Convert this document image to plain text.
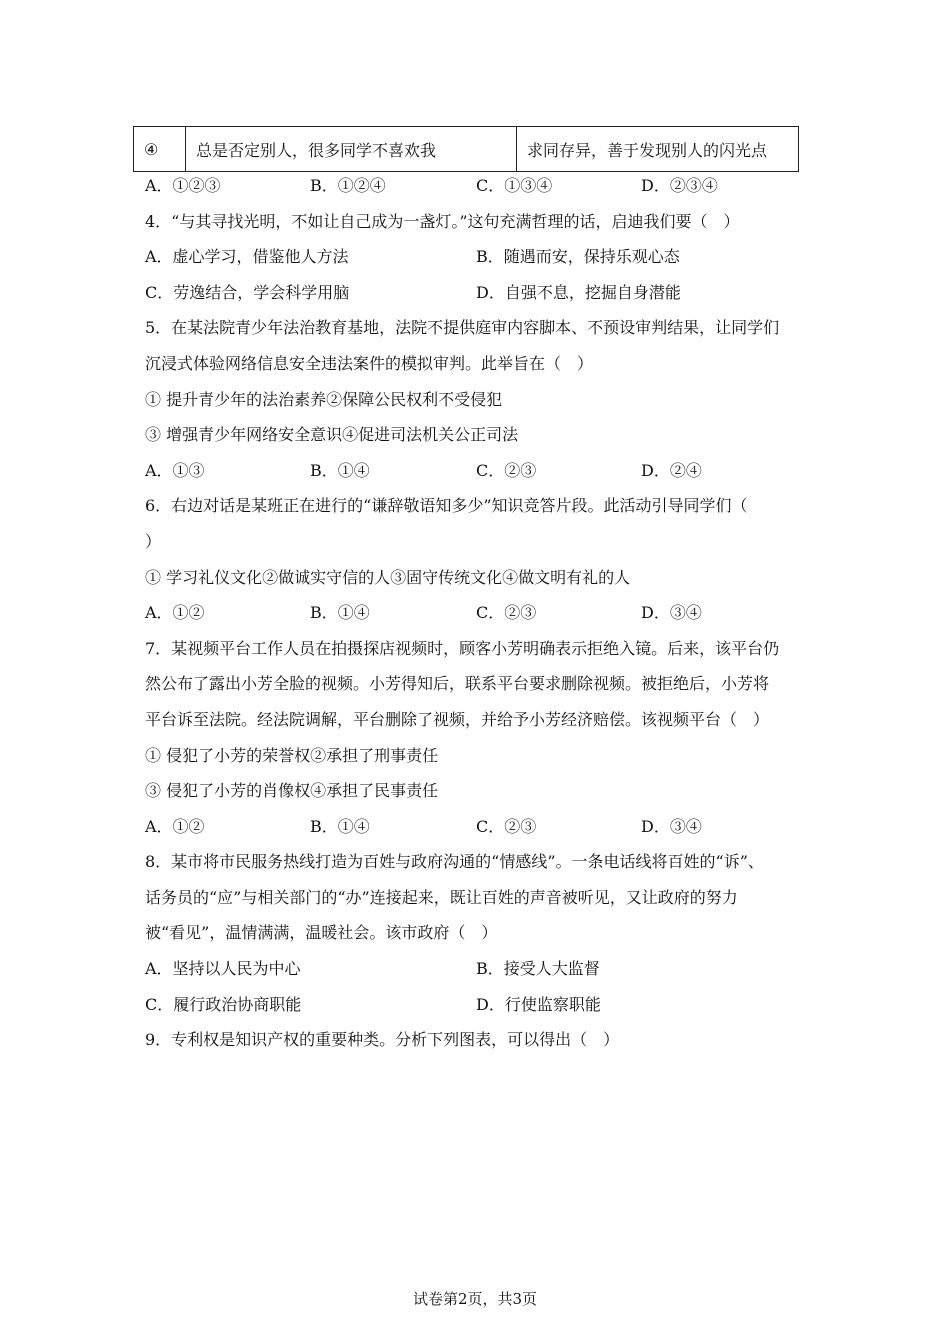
④	总是否定别人，很多同学不喜欢我	求同存异，善于发现别人的闪光点
A．①②③	B．①②④	C．①③④	D．②③④
4．“与其寻找光明，不如让自己成为一盏灯。”这句充满哲理的话，启迪我们要（　）
A．虚心学习，借鉴他人方法	B．随遇而安，保持乐观心态
C．劳逸结合，学会科学用脑	D．自强不息，挖掘自身潜能
5．在某法院青少年法治教育基地，法院不提供庭审内容脚本、不预设审判结果，让同学们
沉浸式体验网络信息安全违法案件的模拟审判。此举旨在（　）
① 提升青少年的法治素养②保障公民权利不受侵犯
③ 增强青少年网络安全意识④促进司法机关公正司法
A．①③	B．①④	C．②③	D．②④
6．右边对话是某班正在进行的“谦辞敬语知多少”知识竞答片段。此活动引导同学们（
）
① 学习礼仪文化②做诚实守信的人③固守传统文化④做文明有礼的人
A．①②	B．①④	C．②③	D．③④
7．某视频平台工作人员在拍摄探店视频时，顾客小芳明确表示拒绝入镜。后来，该平台仍
然公布了露出小芳全脸的视频。小芳得知后，联系平台要求删除视频。被拒绝后，小芳将
平台诉至法院。经法院调解，平台删除了视频，并给予小芳经济赔偿。该视频平台（　）
① 侵犯了小芳的荣誉权②承担了刑事责任
③ 侵犯了小芳的肖像权④承担了民事责任
A．①②	B．①④	C．②③	D．③④
8．某市将市民服务热线打造为百姓与政府沟通的“情感线”。一条电话线将百姓的“诉”、
话务员的“应”与相关部门的“办”连接起来，既让百姓的声音被听见，又让政府的努力
被“看见”，温情满满，温暖社会。该市政府（　）
A．坚持以人民为中心	B．接受人大监督
C．履行政治协商职能	D．行使监察职能
9．专利权是知识产权的重要种类。分析下列图表，可以得出（　）
试卷第2页，共3页
